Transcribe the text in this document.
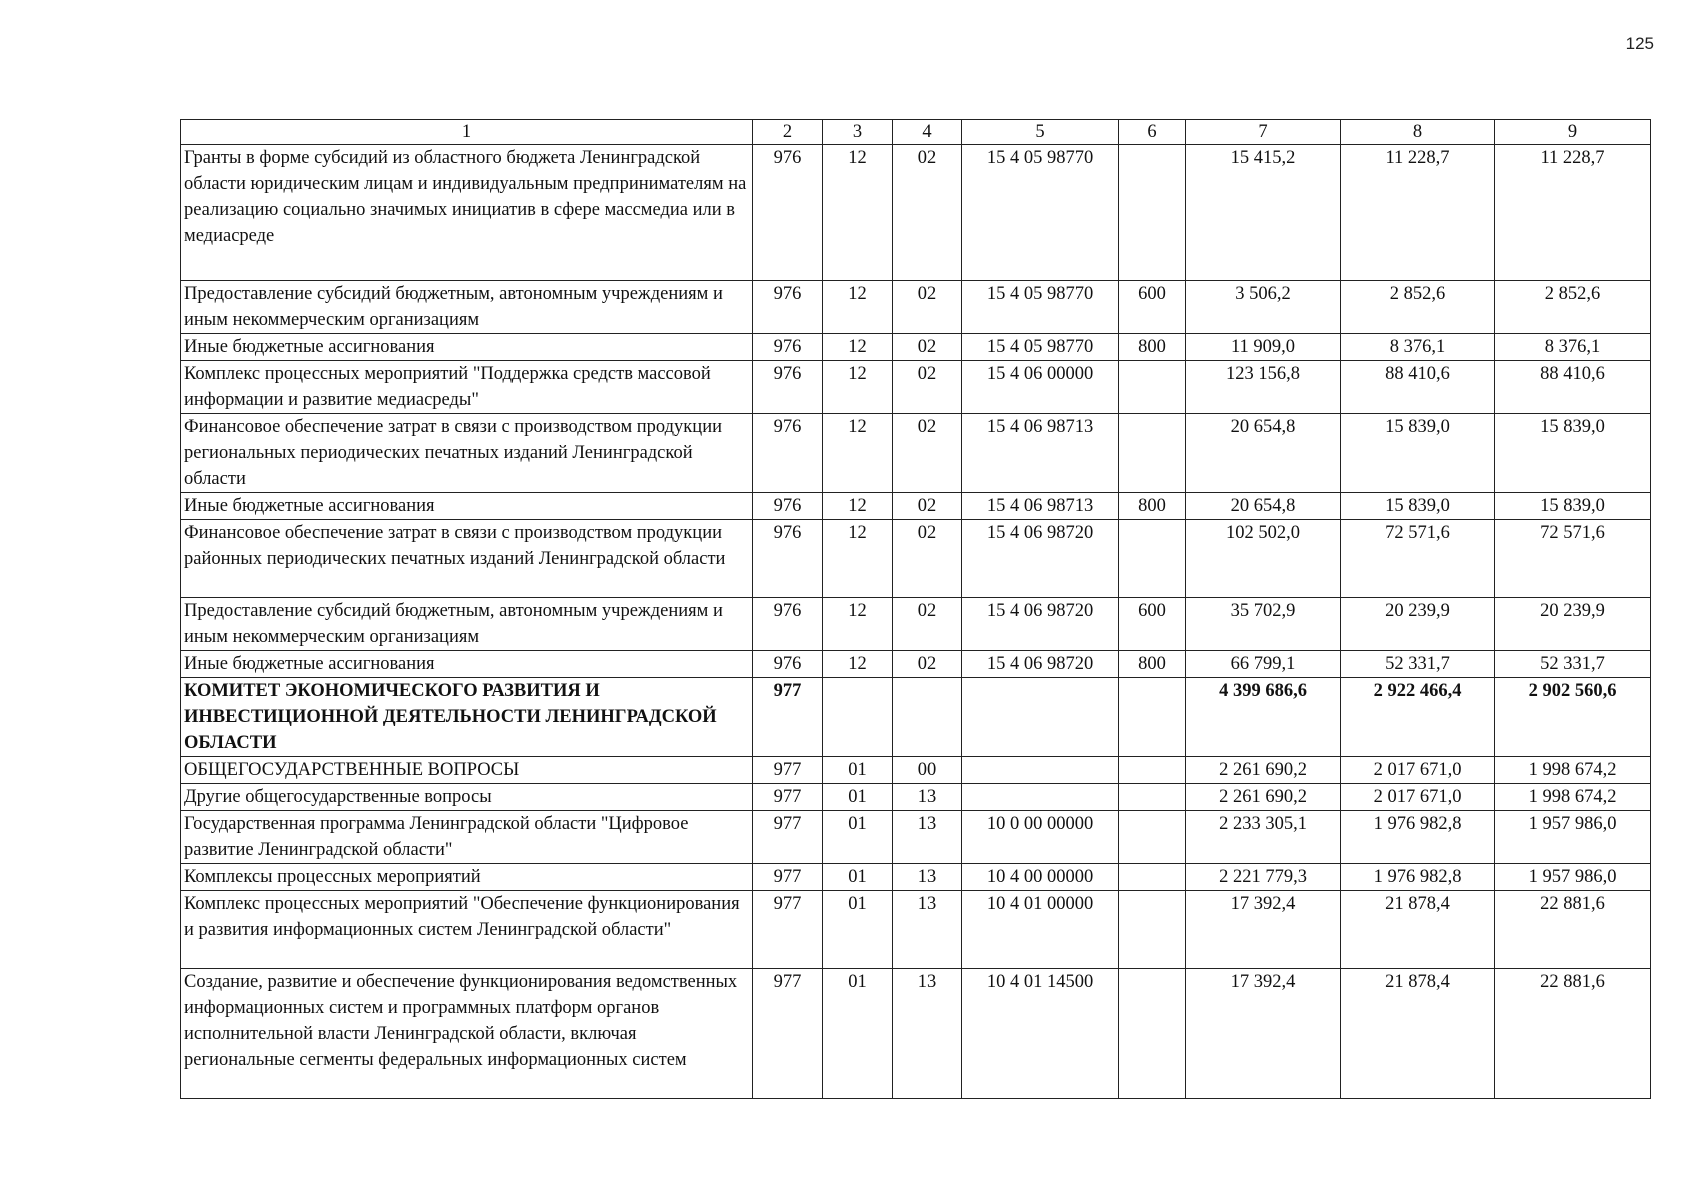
125
1	2	3	4	5	6	7	8	9
Гранты в форме субсидий из областного бюджета Ленинградской области юридическим лицам и индивидуальным предпринимателям на реализацию социально значимых инициатив в сфере массмедиа или в медиасреде	976	12	02	15 4 05 98770		15 415,2	11 228,7	11 228,7
Предоставление субсидий бюджетным, автономным учреждениям и иным некоммерческим организациям	976	12	02	15 4 05 98770	600	3 506,2	2 852,6	2 852,6
Иные бюджетные ассигнования	976	12	02	15 4 05 98770	800	11 909,0	8 376,1	8 376,1
Комплекс процессных мероприятий "Поддержка средств массовой информации и развитие медиасреды"	976	12	02	15 4 06 00000		123 156,8	88 410,6	88 410,6
Финансовое обеспечение затрат в связи с производством продукции региональных периодических печатных изданий Ленинградской области	976	12	02	15 4 06 98713		20 654,8	15 839,0	15 839,0
Иные бюджетные ассигнования	976	12	02	15 4 06 98713	800	20 654,8	15 839,0	15 839,0
Финансовое обеспечение затрат в связи с производством продукции районных периодических печатных изданий Ленинградской области	976	12	02	15 4 06 98720		102 502,0	72 571,6	72 571,6
Предоставление субсидий бюджетным, автономным учреждениям и иным некоммерческим организациям	976	12	02	15 4 06 98720	600	35 702,9	20 239,9	20 239,9
Иные бюджетные ассигнования	976	12	02	15 4 06 98720	800	66 799,1	52 331,7	52 331,7
КОМИТЕТ ЭКОНОМИЧЕСКОГО РАЗВИТИЯ И ИНВЕСТИЦИОННОЙ ДЕЯТЕЛЬНОСТИ ЛЕНИНГРАДСКОЙ ОБЛАСТИ	977					4 399 686,6	2 922 466,4	2 902 560,6
ОБЩЕГОСУДАРСТВЕННЫЕ ВОПРОСЫ	977	01	00			2 261 690,2	2 017 671,0	1 998 674,2
Другие общегосударственные вопросы	977	01	13			2 261 690,2	2 017 671,0	1 998 674,2
Государственная программа Ленинградской области "Цифровое развитие Ленинградской области"	977	01	13	10 0 00 00000		2 233 305,1	1 976 982,8	1 957 986,0
Комплексы процессных мероприятий	977	01	13	10 4 00 00000		2 221 779,3	1 976 982,8	1 957 986,0
Комплекс процессных мероприятий "Обеспечение функционирования и развития информационных систем Ленинградской области"	977	01	13	10 4 01 00000		17 392,4	21 878,4	22 881,6
Создание, развитие и обеспечение функционирования ведомственных информационных систем и программных платформ органов исполнительной власти Ленинградской области, включая региональные сегменты федеральных информационных систем	977	01	13	10 4 01 14500		17 392,4	21 878,4	22 881,6
